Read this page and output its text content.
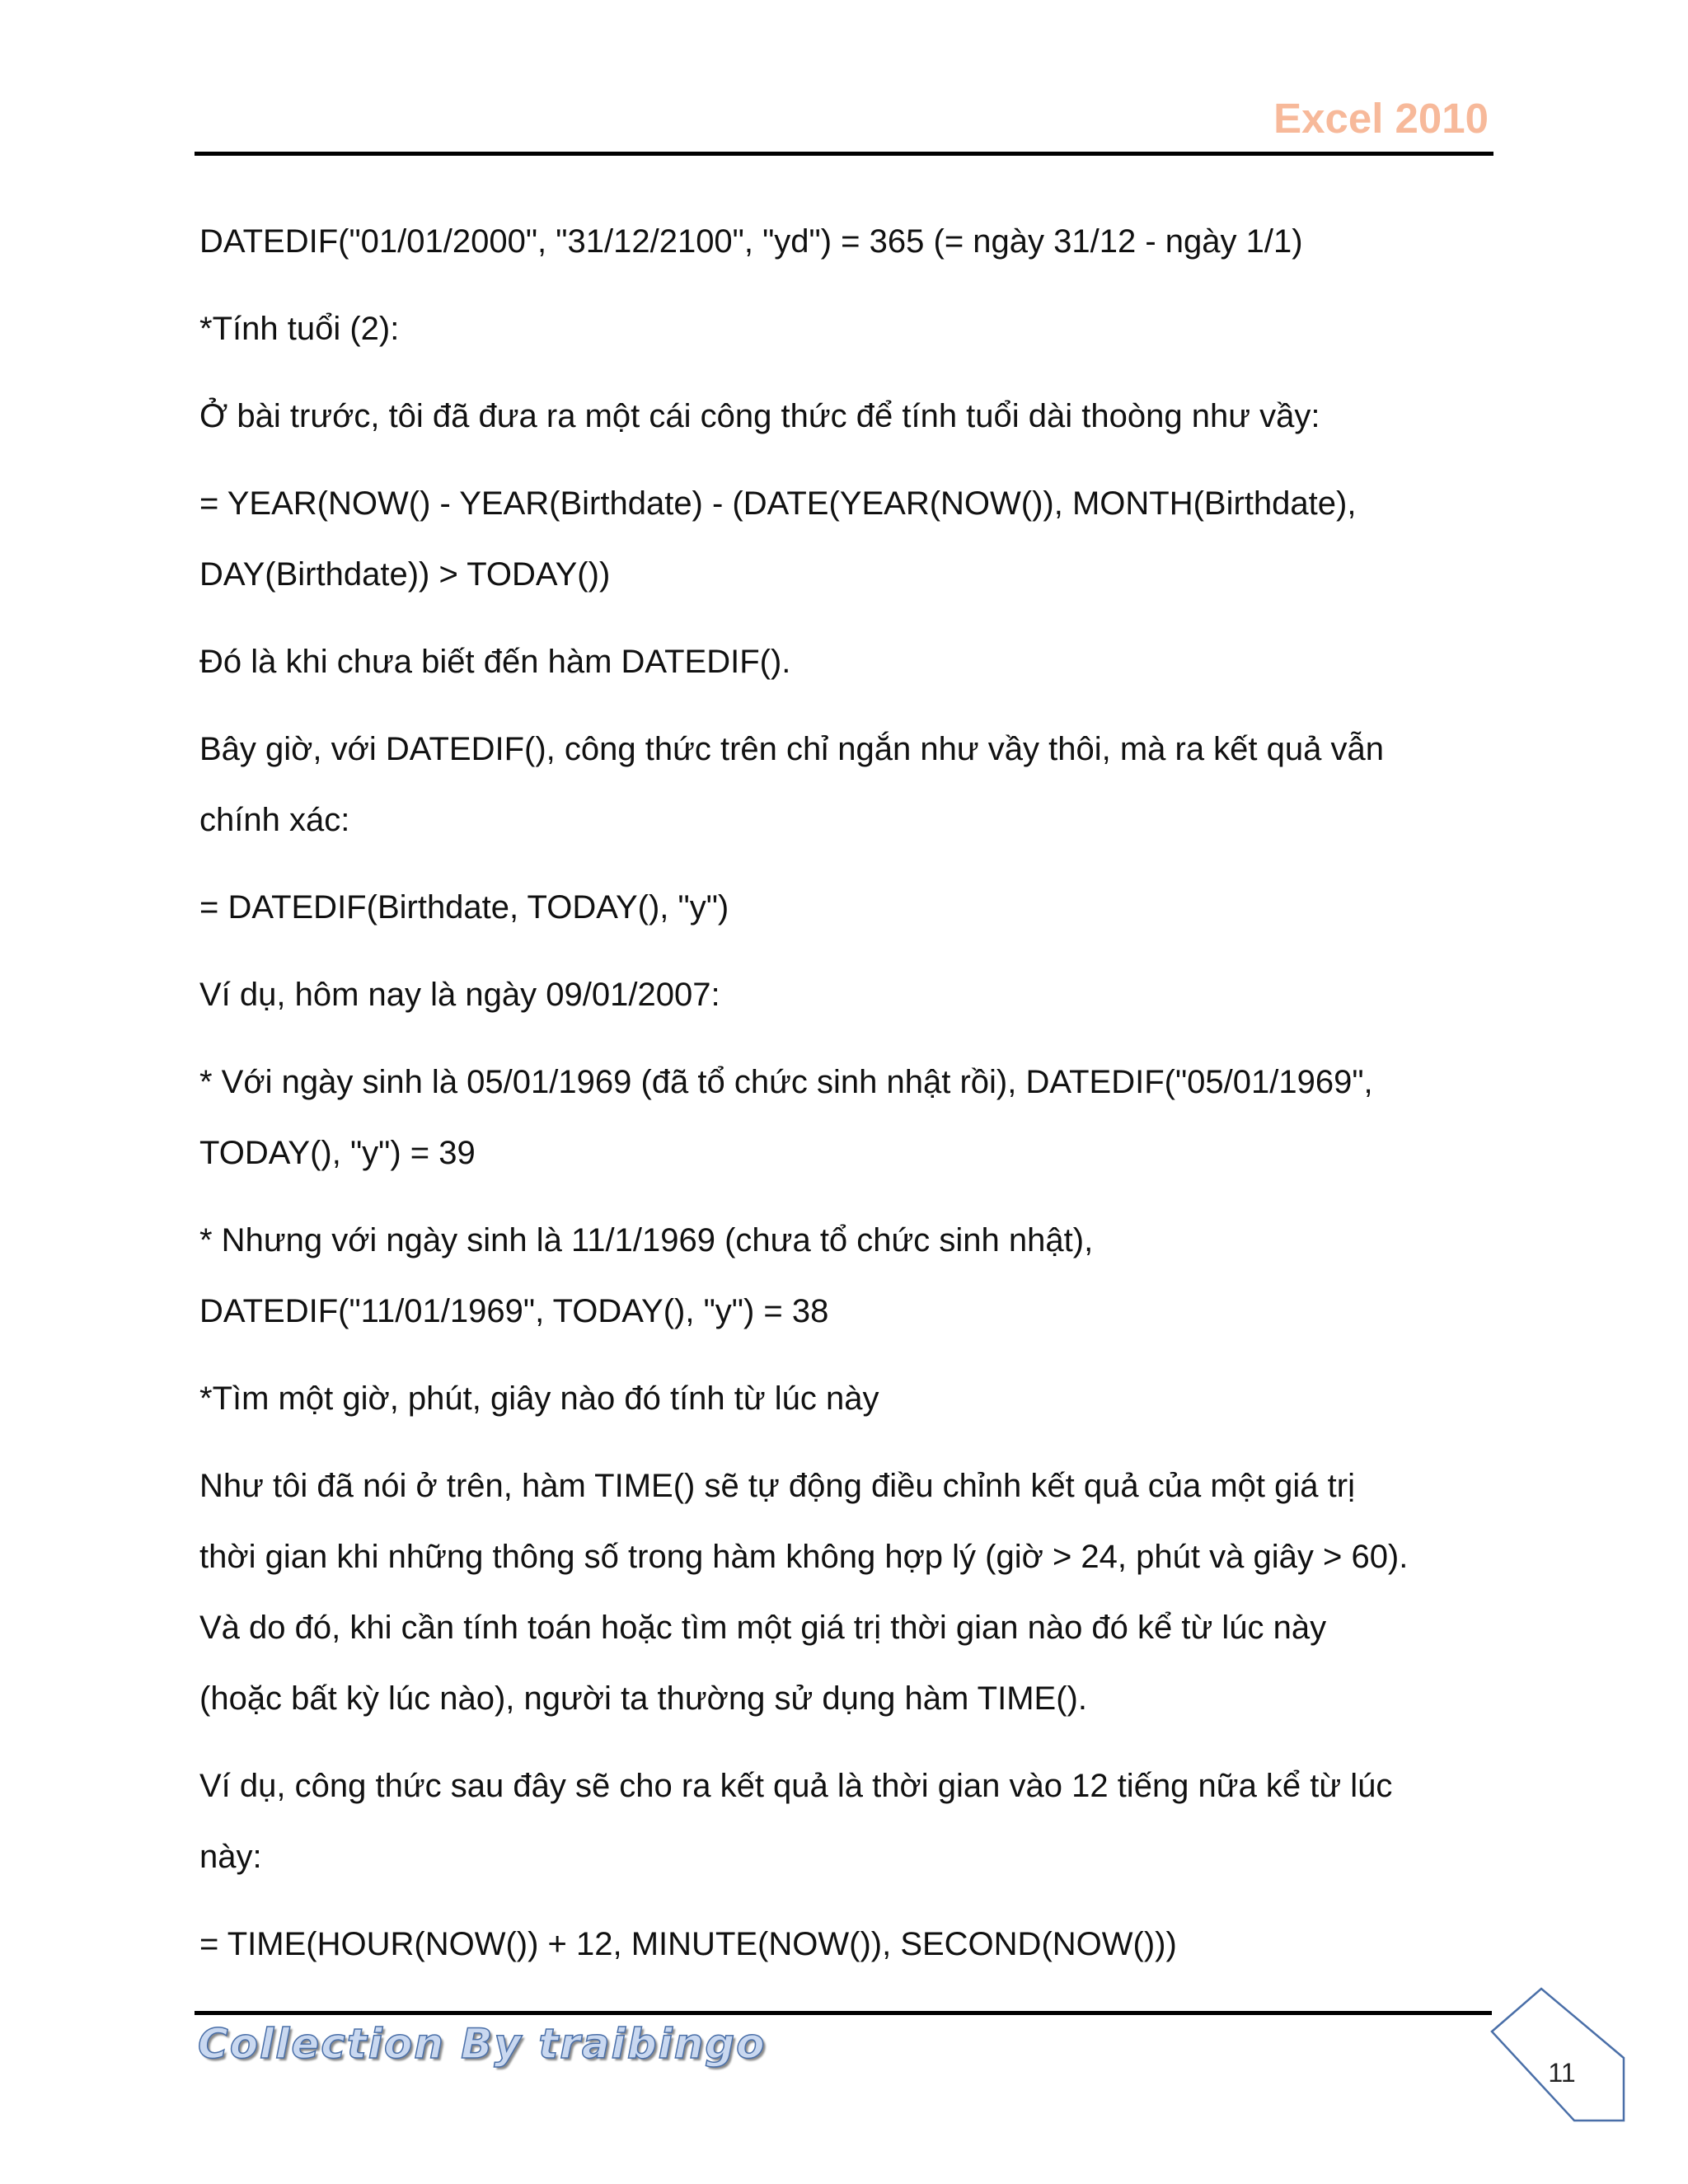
Excel 2010

DATEDIF("01/01/2000", "31/12/2100", "yd") = 365 (= ngày 31/12 - ngày 1/1)

*Tính tuổi (2):

Ở bài trước, tôi đã đưa ra một cái công thức để tính tuổi dài thoòng như vầy:

= YEAR(NOW() - YEAR(Birthdate) - (DATE(YEAR(NOW()), MONTH(Birthdate),
DAY(Birthdate)) > TODAY())

Đó là khi chưa biết đến hàm DATEDIF().

Bây giờ, với DATEDIF(), công thức trên chỉ ngắn như vầy thôi, mà ra kết quả vẫn
chính xác:

= DATEDIF(Birthdate, TODAY(), "y")

Ví dụ, hôm nay là ngày 09/01/2007:

* Với ngày sinh là 05/01/1969 (đã tổ chức sinh nhật rồi), DATEDIF("05/01/1969",
TODAY(), "y") = 39

* Nhưng với ngày sinh là 11/1/1969 (chưa tổ chức sinh nhật),
DATEDIF("11/01/1969", TODAY(), "y") = 38

*Tìm một giờ, phút, giây nào đó tính từ lúc này

Như tôi đã nói ở trên, hàm TIME() sẽ tự động điều chỉnh kết quả của một giá trị
thời gian khi những thông số trong hàm không hợp lý (giờ > 24, phút và giây > 60).
Và do đó, khi cần tính toán hoặc tìm một giá trị thời gian nào đó kể từ lúc này
(hoặc bất kỳ lúc nào), người ta thường sử dụng hàm TIME().

Ví dụ, công thức sau đây sẽ cho ra kết quả là thời gian vào 12 tiếng nữa kể từ lúc
này:

= TIME(HOUR(NOW()) + 12, MINUTE(NOW()), SECOND(NOW()))

Collection By traibingo
11
